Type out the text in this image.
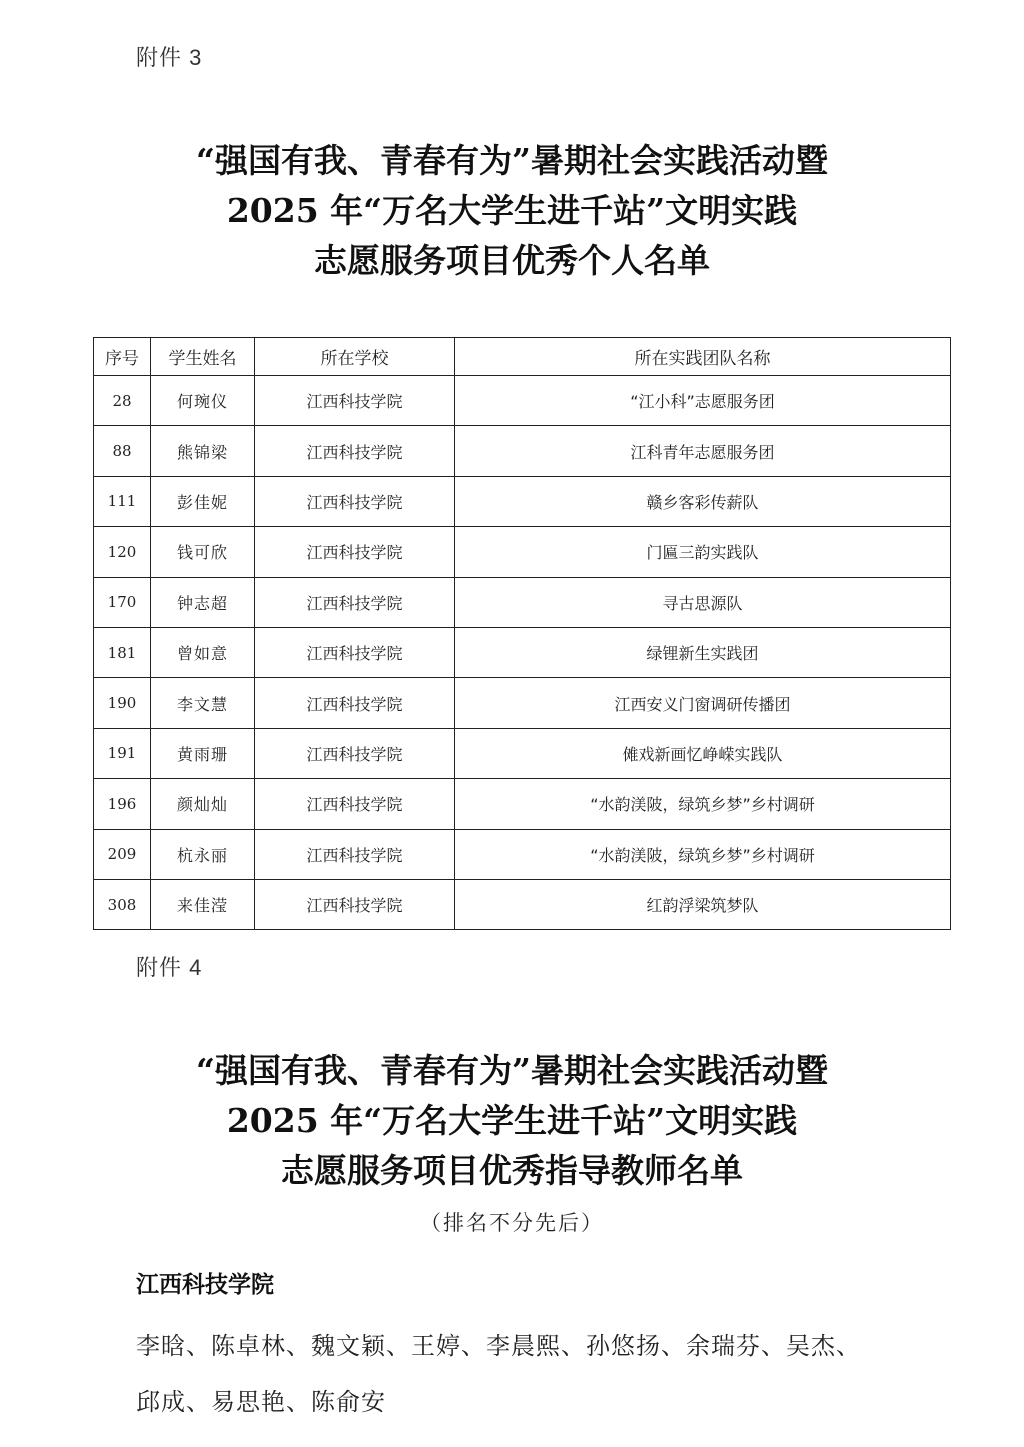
附件 3
“强国有我、青春有为”暑期社会实践活动暨
2025 年“万名大学生进千站”文明实践
志愿服务项目优秀个人名单
序号	学生姓名	所在学校	所在实践团队名称
28	何琬仪	江西科技学院	“江小科”志愿服务团
88	熊锦梁	江西科技学院	江科青年志愿服务团
111	彭佳妮	江西科技学院	赣乡客彩传薪队
120	钱可欣	江西科技学院	门匾三韵实践队
170	钟志超	江西科技学院	寻古思源队
181	曾如意	江西科技学院	绿锂新生实践团
190	李文慧	江西科技学院	江西安义门窗调研传播团
191	黄雨珊	江西科技学院	傩戏新画忆峥嵘实践队
196	颜灿灿	江西科技学院	“水韵渼陂，绿筑乡梦”乡村调研
209	杭永丽	江西科技学院	“水韵渼陂，绿筑乡梦”乡村调研
308	来佳滢	江西科技学院	红韵浮梁筑梦队
附件 4
“强国有我、青春有为”暑期社会实践活动暨
2025 年“万名大学生进千站”文明实践
志愿服务项目优秀指导教师名单
（排名不分先后）
江西科技学院
李晗、陈卓林、魏文颖、王婷、李晨熙、孙悠扬、余瑞芬、吴杰、
邱成、易思艳、陈俞安
